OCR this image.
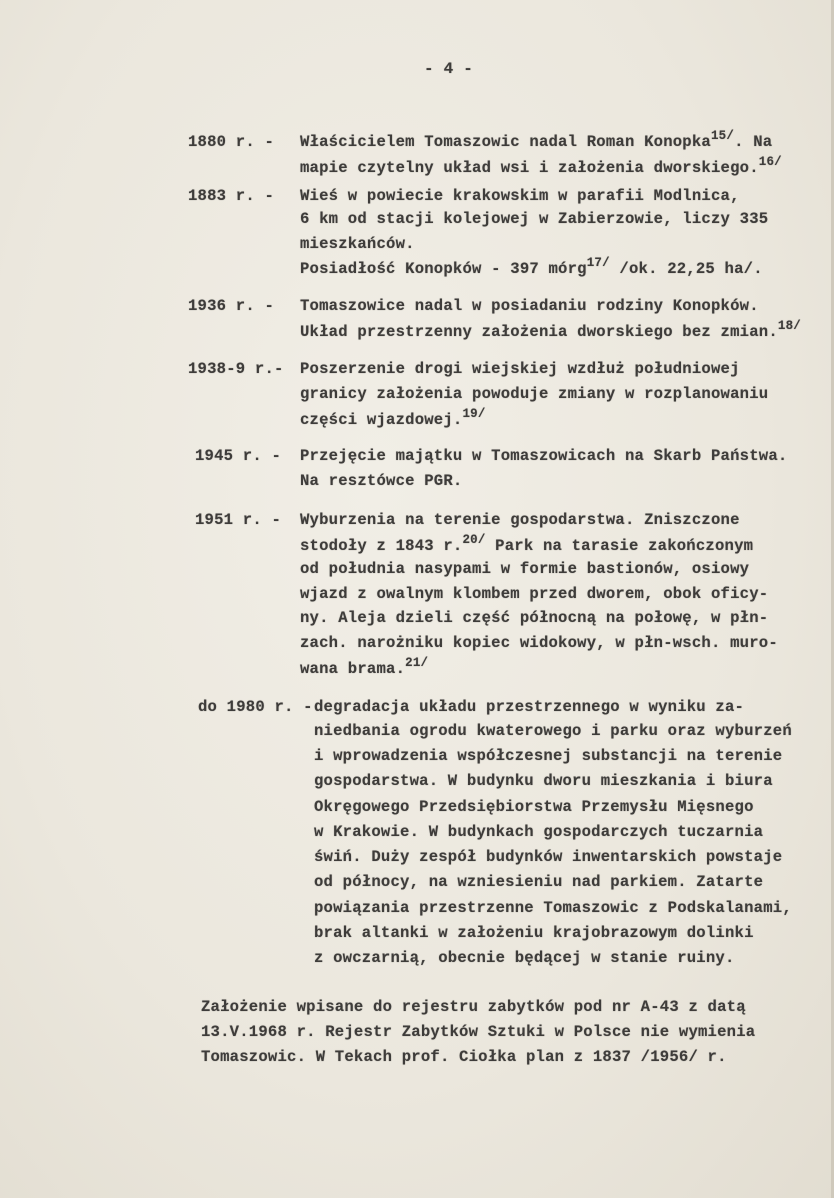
- 4 -
1880 r. - Właścicielem Tomaszowic nadal Roman Konopka$^{15/}$. Na
mapie czytelny układ wsi i założenia dworskiego.$^{16/}$
1883 r. - Wieś w powiecie krakowskim w parafii Modlnica,
6 km od stacji kolejowej w Zabierzowie, liczy 335
mieszkańców.
Posiadłość Konopków - 397 mórg$^{17/}$ /ok. 22,25 ha/.
1936 r. - Tomaszowice nadal w posiadaniu rodziny Konopków.
Układ przestrzenny założenia dworskiego bez zmian.$^{18/}$
1938-9 r.- Poszerzenie drogi wiejskiej wzdłuż południowej
granicy założenia powoduje zmiany w rozplanowaniu
części wjazdowej.$^{19/}$
1945 r. - Przejęcie majątku w Tomaszowicach na Skarb Państwa.
Na resztówce PGR.
1951 r. - Wyburzenia na terenie gospodarstwa. Zniszczone
stodoły z 1843 r.$^{20/}$ Park na tarasie zakończonym
od południa nasypami w formie bastionów, osiowy
wjazd z owalnym klombem przed dworem, obok oficy-
ny. Aleja dzieli część północną na połowę, w płn-
zach. narożniku kopiec widokowy, w płn-wsch. muro-
wana brama.$^{21/}$
do 1980 r. - degradacja układu przestrzennego w wyniku za-
niedbania ogrodu kwaterowego i parku oraz wyburzeń
i wprowadzenia współczesnej substancji na terenie
gospodarstwa. W budynku dworu mieszkania i biura
Okręgowego Przedsiębiorstwa Przemysłu Mięsnego
w Krakowie. W budynkach gospodarczych tuczarnia
świń. Duży zespół budynków inwentarskich powstaje
od północy, na wzniesieniu nad parkiem. Zatarte
powiązania przestrzenne Tomaszowic z Podskalanami,
brak altanki w założeniu krajobrazowym dolinki
z owczarnią, obecnie będącej w stanie ruiny.
Założenie wpisane do rejestru zabytków pod nr A-43 z datą
13.V.1968 r. Rejestr Zabytków Sztuki w Polsce nie wymienia
Tomaszowic. W Tekach prof. Ciołka plan z 1837 /1956/ r.
